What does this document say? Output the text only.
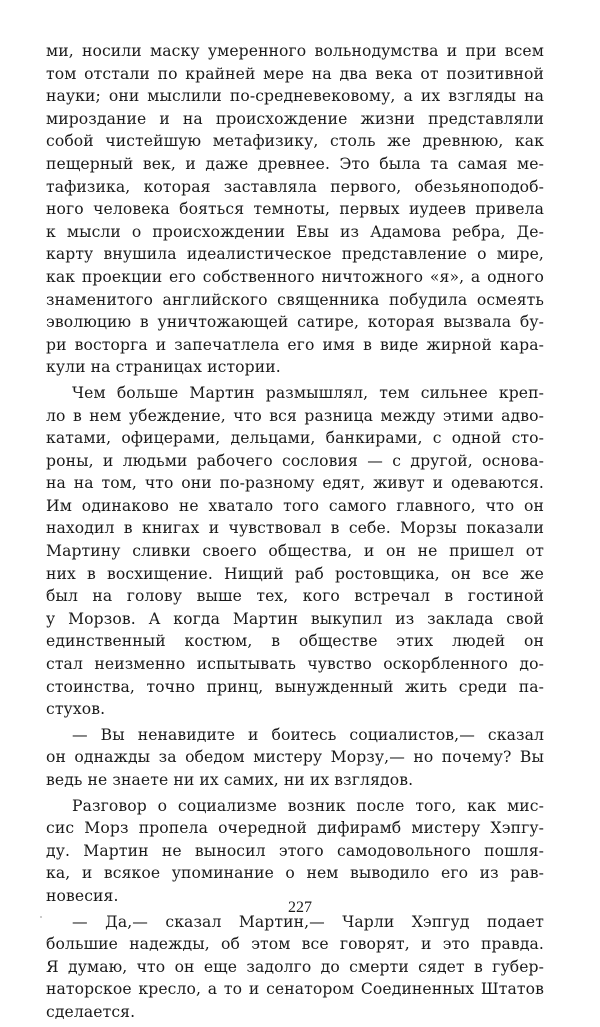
ми, носили маску умеренного вольнодумства и при всем
том отстали по крайней мере на два века от позитивной
науки; они мыслили по-средневековому, а их взгляды на
мироздание и на происхождение жизни представляли
собой чистейшую метафизику, столь же древнюю, как
пещерный век, и даже древнее. Это была та самая ме-
тафизика, которая заставляла первого, обезьяноподоб-
ного человека бояться темноты, первых иудеев привела
к мысли о происхождении Евы из Адамова ребра, Де-
карту внушила идеалистическое представление о мире,
как проекции его собственного ничтожного «я», а одного
знаменитого английского священника побудила осмеять
эволюцию в уничтожающей сатире, которая вызвала бу-
ри восторга и запечатлела его имя в виде жирной кара-
кули на страницах истории.

Чем больше Мартин размышлял, тем сильнее креп-
ло в нем убеждение, что вся разница между этими адво-
катами, офицерами, дельцами, банкирами, с одной сто-
роны, и людьми рабочего сословия — с другой, основа-
на на том, что они по-разному едят, живут и одеваются.
Им одинаково не хватало того самого главного, что он
находил в книгах и чувствовал в себе. Морзы показали
Мартину сливки своего общества, и он не пришел от
них в восхищение. Нищий раб ростовщика, он все же
был на голову выше тех, кого встречал в гостиной
у Морзов. А когда Мартин выкупил из заклада свой
единственный костюм, в обществе этих людей он
стал неизменно испытывать чувство оскорбленного до-
стоинства, точно принц, вынужденный жить среди па-
стухов.

— Вы ненавидите и боитесь социалистов,— сказал
он однажды за обедом мистеру Морзу,— но почему? Вы
ведь не знаете ни их самих, ни их взглядов.

Разговор о социализме возник после того, как мис-
сис Морз пропела очередной дифирамб мистеру Хэпгу-
ду. Мартин не выносил этого самодовольного пошля-
ка, и всякое упоминание о нем выводило его из рав-
новесия.

— Да,— сказал Мартин,— Чарли Хэпгуд подает
большие надежды, об этом все говорят, и это правда.
Я думаю, что он еще задолго до смерти сядет в губер-
наторское кресло, а то и сенатором Соединенных Штатов
сделается.

227
